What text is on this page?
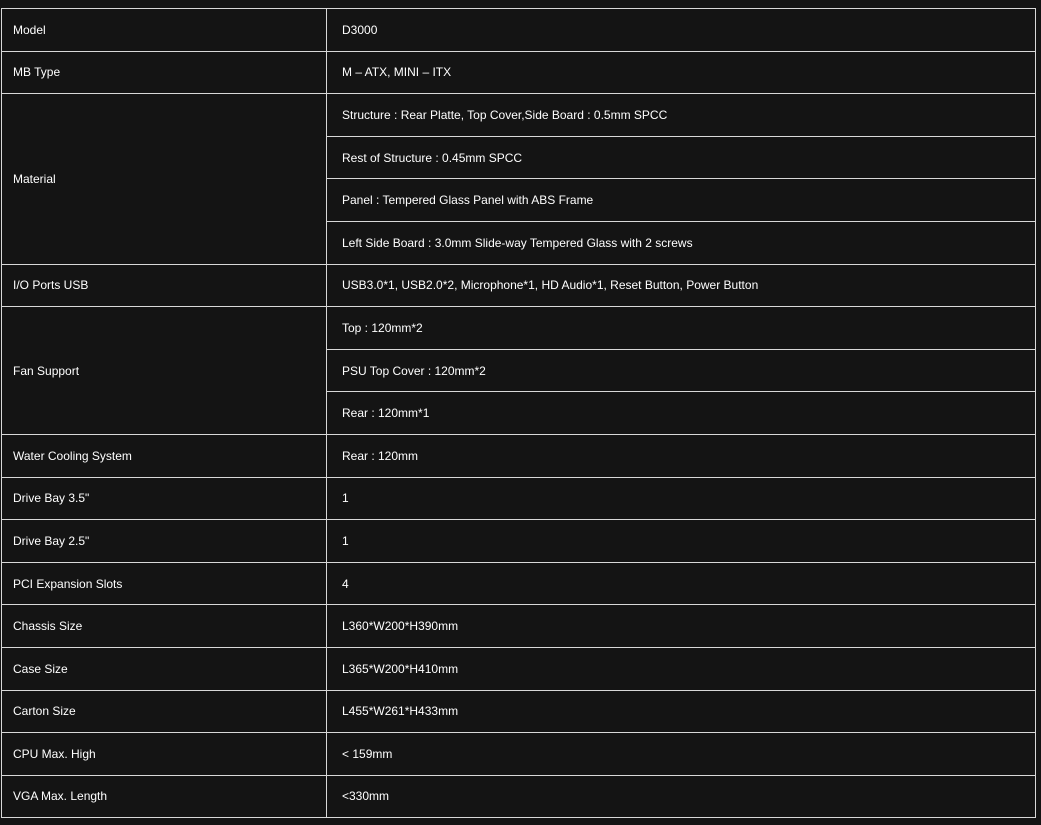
Model	D3000
MB Type	M – ATX, MINI – ITX
Material	Structure : Rear Platte, Top Cover,Side Board : 0.5mm SPCC
	Rest of Structure : 0.45mm SPCC
	Panel : Tempered Glass Panel with ABS Frame
	Left Side Board : 3.0mm Slide-way Tempered Glass with 2 screws
I/O Ports USB	USB3.0*1, USB2.0*2, Microphone*1, HD Audio*1, Reset Button, Power Button
Fan Support	Top : 120mm*2
	PSU Top Cover : 120mm*2
	Rear : 120mm*1
Water Cooling System	Rear : 120mm
Drive Bay 3.5"	1
Drive Bay 2.5"	1
PCI Expansion Slots	4
Chassis Size	L360*W200*H390mm
Case Size	L365*W200*H410mm
Carton Size	L455*W261*H433mm
CPU Max. High	< 159mm
VGA Max. Length	<330mm
